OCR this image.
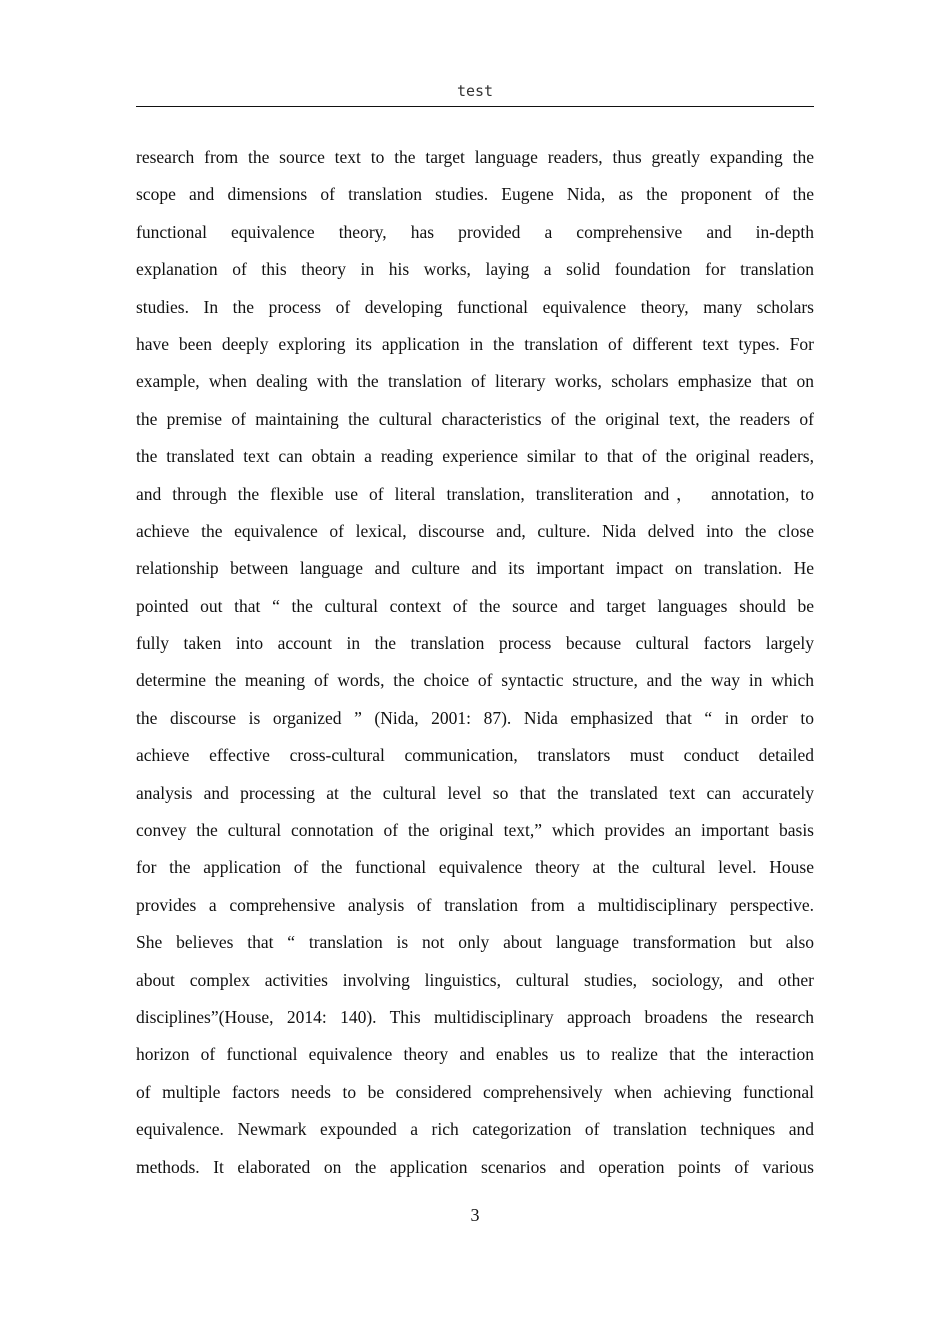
test
research from the source text to the target language readers, thus greatly expanding the
scope and dimensions of translation studies. Eugene Nida, as the proponent of the
functional equivalence theory, has provided a comprehensive and in-depth
explanation of this theory in his works, laying a solid foundation for translation
studies. In the process of developing functional equivalence theory, many scholars
have been deeply exploring its application in the translation of different text types. For
example, when dealing with the translation of literary works, scholars emphasize that on
the premise of maintaining the cultural characteristics of the original text, the readers of
the translated text can obtain a reading experience similar to that of the original readers,
and through the flexible use of literal translation, transliteration and， annotation, to
achieve the equivalence of lexical, discourse and, culture. Nida delved into the close
relationship between language and culture and its important impact on translation. He
pointed out that “ the cultural context of the source and target languages should be
fully taken into account in the translation process because cultural factors largely
determine the meaning of words, the choice of syntactic structure, and the way in which
the discourse is organized ” (Nida, 2001: 87). Nida emphasized that “ in order to
achieve effective cross-cultural communication, translators must conduct detailed
analysis and processing at the cultural level so that the translated text can accurately
convey the cultural connotation of the original text,” which provides an important basis
for the application of the functional equivalence theory at the cultural level. House
provides a comprehensive analysis of translation from a multidisciplinary perspective.
She believes that “ translation is not only about language transformation but also
about complex activities involving linguistics, cultural studies, sociology, and other
disciplines”(House, 2014: 140). This multidisciplinary approach broadens the research
horizon of functional equivalence theory and enables us to realize that the interaction
of multiple factors needs to be considered comprehensively when achieving functional
equivalence. Newmark expounded a rich categorization of translation techniques and
methods. It elaborated on the application scenarios and operation points of various
3
